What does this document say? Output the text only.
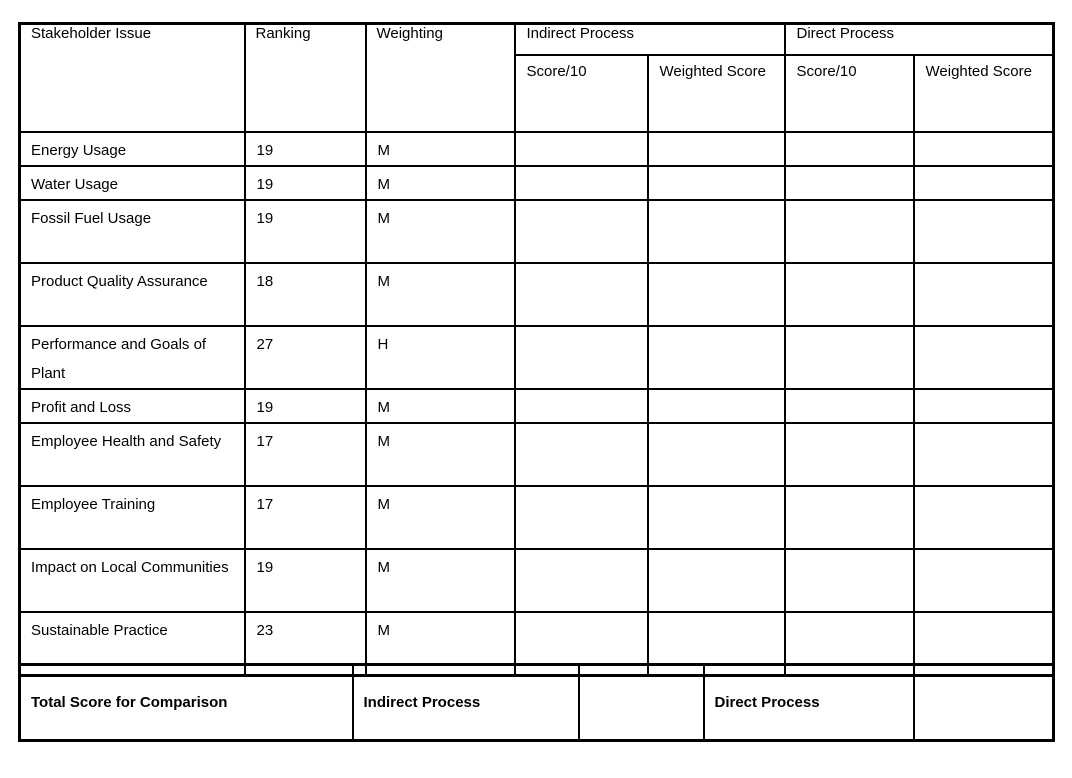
Stakeholder Issue	Ranking	Weighting	Indirect Process		Direct Process	

			Score/10	Weighted Score	Score/10	Weighted Score

Energy Usage	19	M				

Water Usage	19	M				

Fossil Fuel Usage	19	M				

Product Quality Assurance	18	M				

Performance and Goals of Plant	27	H				

Profit and Loss	19	M				

Employee Health and Safety	17	M				

Employee Training	17	M				

Impact on Local Communities	19	M				

Sustainable Practice	23	M				

Total Score for Comparison	Indirect Process		Direct Process
